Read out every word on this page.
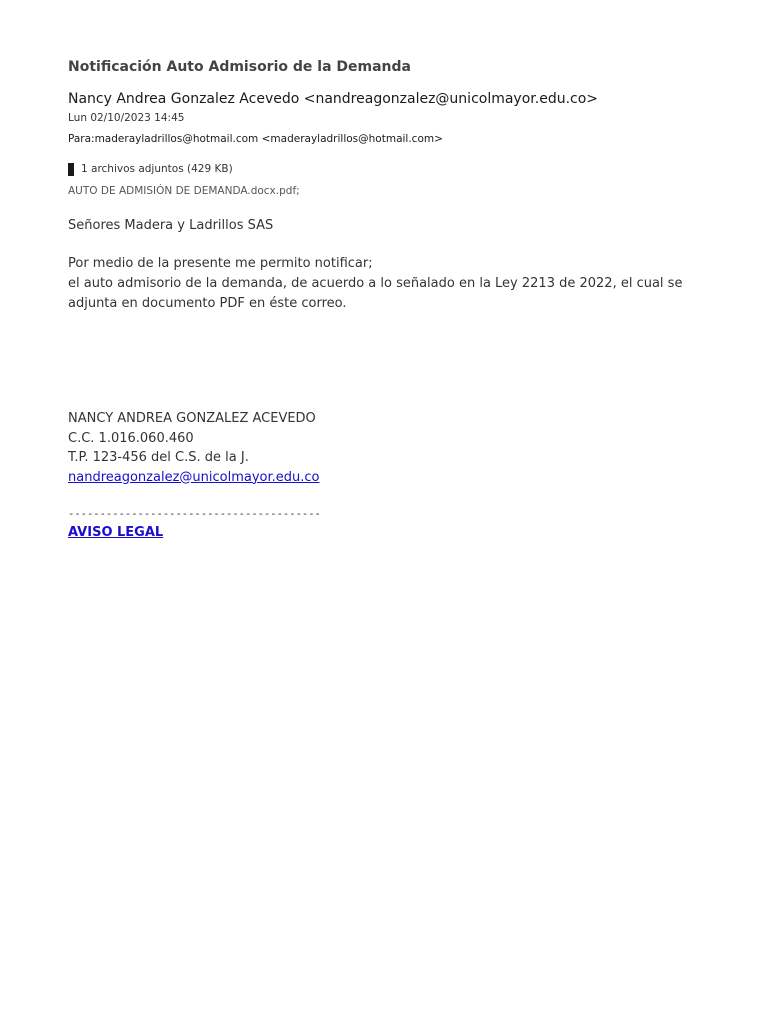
Notificación Auto Admisorio de la Demanda
Nancy Andrea Gonzalez Acevedo <nandreagonzalez@unicolmayor.edu.co>
Lun 02/10/2023 14:45
Para:maderayladrillos@hotmail.com <maderayladrillos@hotmail.com>
1 archivos adjuntos (429 KB)
AUTO DE ADMISIÓN DE DEMANDA.docx.pdf;
Señores Madera y Ladrillos SAS

Por medio de la presente me permito notificar;

el auto admisorio de la demanda, de acuerdo a lo señalado en la Ley 2213 de 2022, el cual se adjunta en documento PDF en éste correo.

NANCY ANDREA GONZALEZ ACEVEDO

C.C. 1.016.060.460

T.P. 123-456 del C.S. de la J.

nandreagonzalez@unicolmayor.edu.co

----------------------------------------
AVISO LEGAL
